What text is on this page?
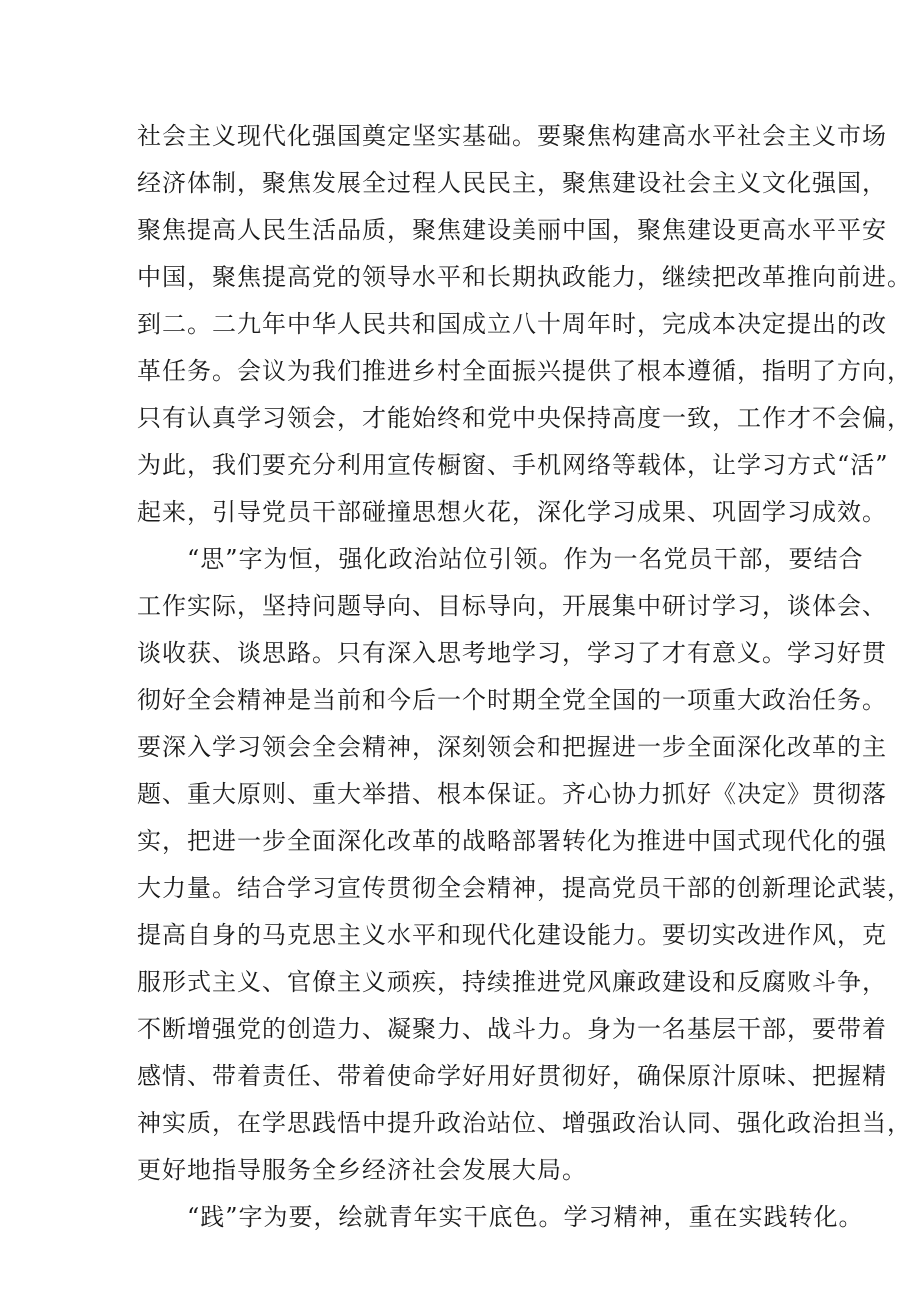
社会主义现代化强国奠定坚实基础。要聚焦构建高水平社会主义市场
经济体制，聚焦发展全过程人民民主，聚焦建设社会主义文化强国，
聚焦提高人民生活品质，聚焦建设美丽中国，聚焦建设更高水平平安
中国，聚焦提高党的领导水平和长期执政能力，继续把改革推向前进。
到二。二九年中华人民共和国成立八十周年时，完成本决定提出的改
革任务。会议为我们推进乡村全面振兴提供了根本遵循，指明了方向，
只有认真学习领会，才能始终和党中央保持高度一致，工作才不会偏，
为此，我们要充分利用宣传橱窗、手机网络等载体，让学习方式“活”
起来，引导党员干部碰撞思想火花，深化学习成果、巩固学习成效。
“思”字为恒，强化政治站位引领。作为一名党员干部，要结合
工作实际，坚持问题导向、目标导向，开展集中研讨学习，谈体会、
谈收获、谈思路。只有深入思考地学习，学习了才有意义。学习好贯
彻好全会精神是当前和今后一个时期全党全国的一项重大政治任务。
要深入学习领会全会精神，深刻领会和把握进一步全面深化改革的主
题、重大原则、重大举措、根本保证。齐心协力抓好《决定》贯彻落
实，把进一步全面深化改革的战略部署转化为推进中国式现代化的强
大力量。结合学习宣传贯彻全会精神，提高党员干部的创新理论武装，
提高自身的马克思主义水平和现代化建设能力。要切实改进作风，克
服形式主义、官僚主义顽疾，持续推进党风廉政建设和反腐败斗争，
不断增强党的创造力、凝聚力、战斗力。身为一名基层干部，要带着
感情、带着责任、带着使命学好用好贯彻好，确保原汁原味、把握精
神实质，在学思践悟中提升政治站位、增强政治认同、强化政治担当，
更好地指导服务全乡经济社会发展大局。
“践”字为要，绘就青年实干底色。学习精神，重在实践转化。
